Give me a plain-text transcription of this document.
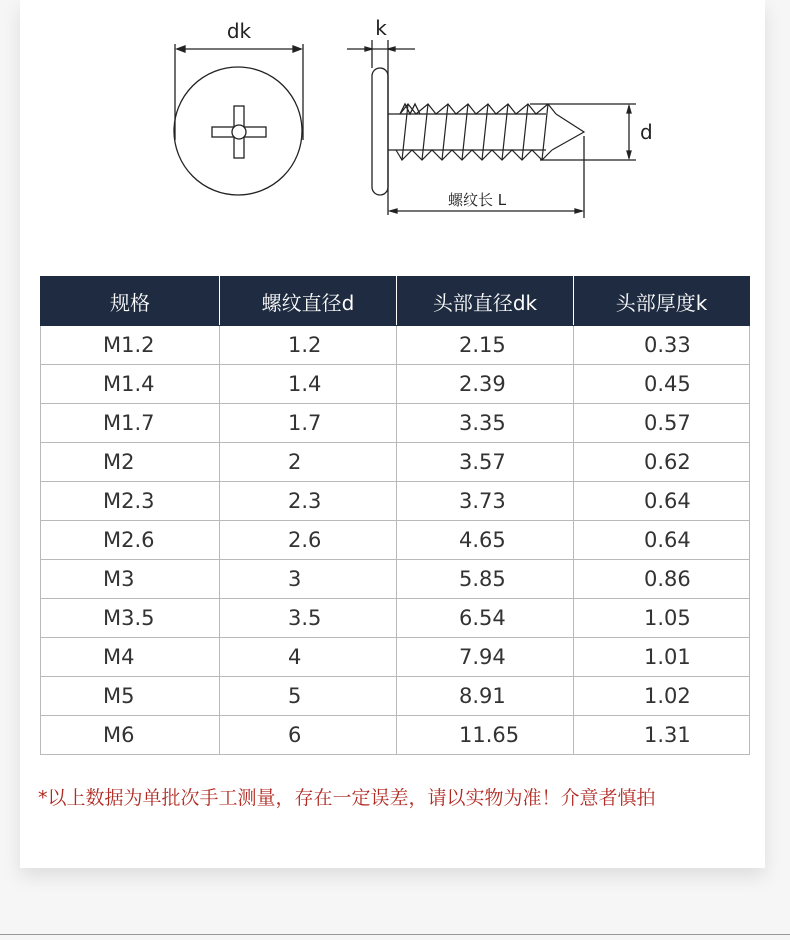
dk	k
d
螺纹长 L
规格	螺纹直径d	头部直径dk	头部厚度k
M1.2	1.2	2.15	0.33
M1.4	1.4	2.39	0.45
M1.7	1.7	3.35	0.57
M2	2	3.57	0.62
M2.3	2.3	3.73	0.64
M2.6	2.6	4.65	0.64
M3	3	5.85	0.86
M3.5	3.5	6.54	1.05
M4	4	7.94	1.01
M5	5	8.91	1.02
M6	6	11.65	1.31
*以上数据为单批次手工测量，存在一定误差，请以实物为准！介意者慎拍
